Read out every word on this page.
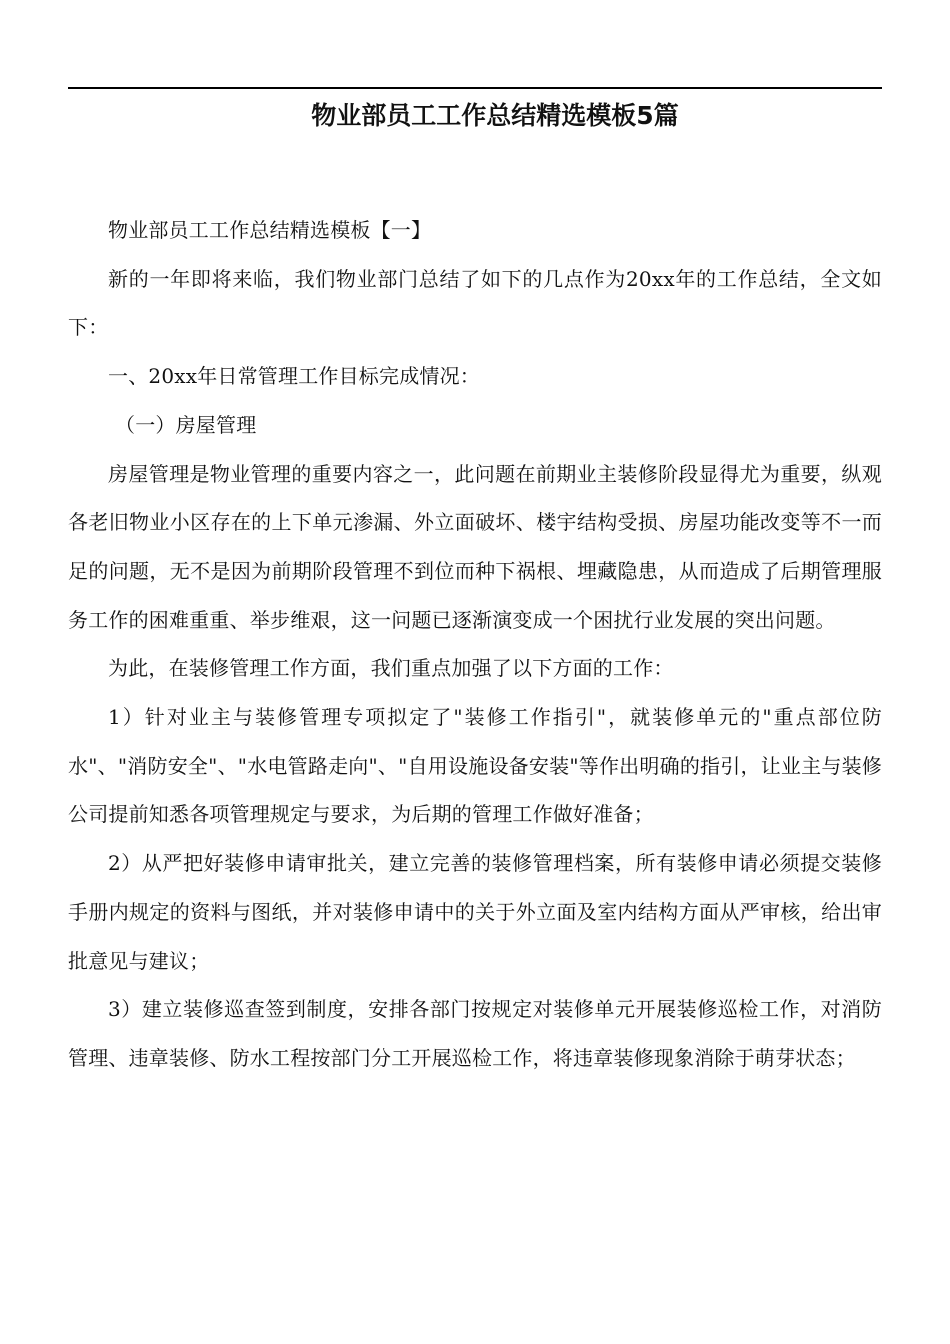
物业部员工工作总结精选模板5篇

物业部员工工作总结精选模板【一】

新的一年即将来临，我们物业部门总结了如下的几点作为20xx年的工作总结，全文如下：

一、20xx年日常管理工作目标完成情况：

（一）房屋管理

房屋管理是物业管理的重要内容之一，此问题在前期业主装修阶段显得尤为重要，纵观各老旧物业小区存在的上下单元渗漏、外立面破坏、楼宇结构受损、房屋功能改变等不一而足的问题，无不是因为前期阶段管理不到位而种下祸根、埋藏隐患，从而造成了后期管理服务工作的困难重重、举步维艰，这一问题已逐渐演变成一个困扰行业发展的突出问题。

为此，在装修管理工作方面，我们重点加强了以下方面的工作：

1）针对业主与装修管理专项拟定了"装修工作指引"，就装修单元的"重点部位防水"、"消防安全"、"水电管路走向"、"自用设施设备安装"等作出明确的指引，让业主与装修公司提前知悉各项管理规定与要求，为后期的管理工作做好准备；

2）从严把好装修申请审批关，建立完善的装修管理档案，所有装修申请必须提交装修手册内规定的资料与图纸，并对装修申请中的关于外立面及室内结构方面从严审核，给出审批意见与建议；

3）建立装修巡查签到制度，安排各部门按规定对装修单元开展装修巡检工作，对消防管理、违章装修、防水工程按部门分工开展巡检工作，将违章装修现象消除于萌芽状态；
